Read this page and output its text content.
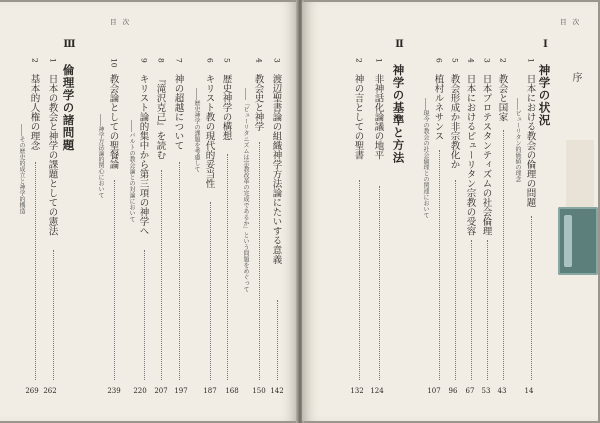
目 次
Ⅲ
倫理学の諸問題
1
日本の教会と神学の課題としての憲法
2
基本的人権の理念
――その歴史的成立と神学的構造
262
269
3
渡辺聖書論の組織神学方法論にたいする意義
4
教会史と神学
――「ピューリタニズムは宗教改革の完成であるか」という問題をめぐって
5
歴史神学の構想
6
キリスト教の現代的妥当性
――歴史神学の課題を考慮して
7
神の超越について
8
『滝沢克己』を読む
9
キリスト論的集中から第三項の神学へ
――バルトの教会論との対論において
10
教会論としての聖餐論
――神学方法論的関心において
142
150
168
187
197
207
220
239
目 次
序
Ⅰ
神学の状況
1
日本における教会の倫理の問題
――ピューリタン的価値の理念
2
教会と国家
3
日本プロテスタンティズムの社会倫理
4
日本におけるピューリタン宗教の受容
5
教会形成か非宗教化か
6
植村ルネサンス
――現今の教会の社会倫理との関連において
14
43
53
67
96
107
Ⅱ
神学の基準と方法
1
非神話化論議の地平
2
神の言としての聖書
124
132
